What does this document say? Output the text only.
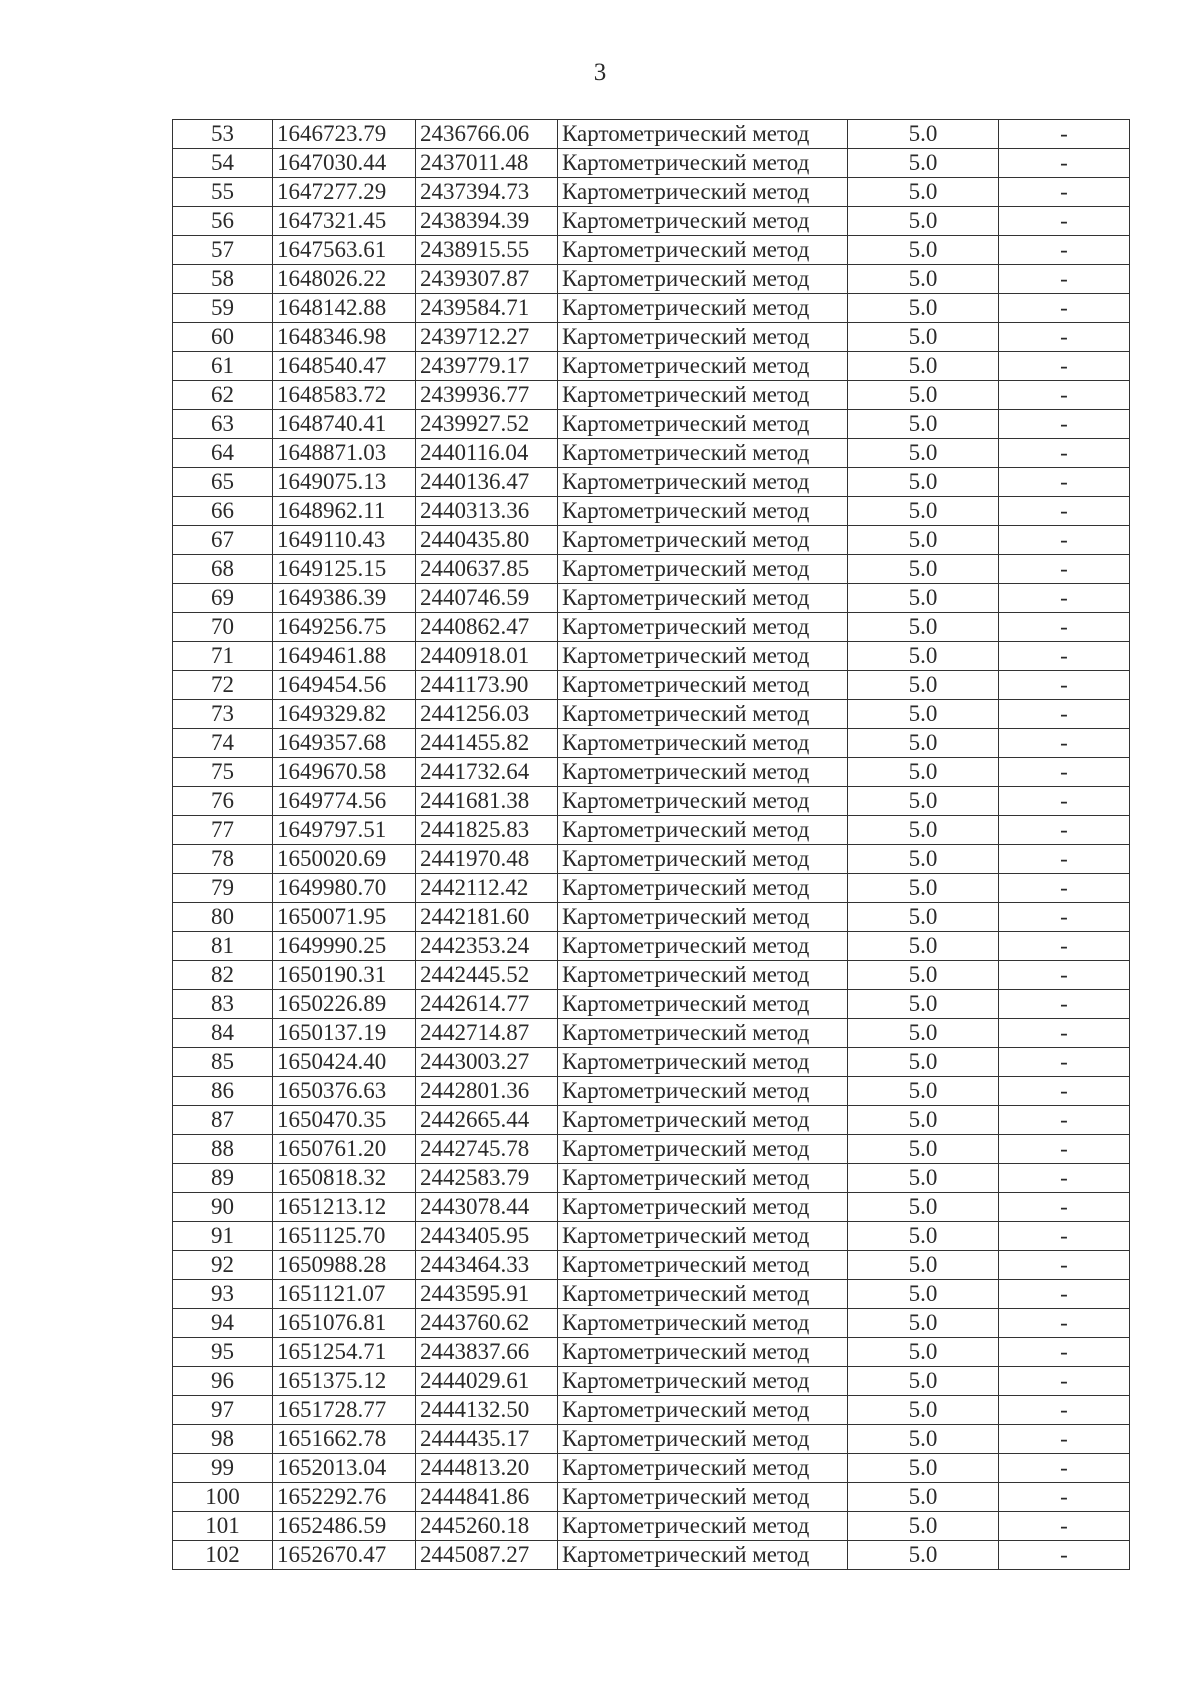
3
53	1646723.79	2436766.06	Картометрический метод	5.0	-
54	1647030.44	2437011.48	Картометрический метод	5.0	-
55	1647277.29	2437394.73	Картометрический метод	5.0	-
56	1647321.45	2438394.39	Картометрический метод	5.0	-
57	1647563.61	2438915.55	Картометрический метод	5.0	-
58	1648026.22	2439307.87	Картометрический метод	5.0	-
59	1648142.88	2439584.71	Картометрический метод	5.0	-
60	1648346.98	2439712.27	Картометрический метод	5.0	-
61	1648540.47	2439779.17	Картометрический метод	5.0	-
62	1648583.72	2439936.77	Картометрический метод	5.0	-
63	1648740.41	2439927.52	Картометрический метод	5.0	-
64	1648871.03	2440116.04	Картометрический метод	5.0	-
65	1649075.13	2440136.47	Картометрический метод	5.0	-
66	1648962.11	2440313.36	Картометрический метод	5.0	-
67	1649110.43	2440435.80	Картометрический метод	5.0	-
68	1649125.15	2440637.85	Картометрический метод	5.0	-
69	1649386.39	2440746.59	Картометрический метод	5.0	-
70	1649256.75	2440862.47	Картометрический метод	5.0	-
71	1649461.88	2440918.01	Картометрический метод	5.0	-
72	1649454.56	2441173.90	Картометрический метод	5.0	-
73	1649329.82	2441256.03	Картометрический метод	5.0	-
74	1649357.68	2441455.82	Картометрический метод	5.0	-
75	1649670.58	2441732.64	Картометрический метод	5.0	-
76	1649774.56	2441681.38	Картометрический метод	5.0	-
77	1649797.51	2441825.83	Картометрический метод	5.0	-
78	1650020.69	2441970.48	Картометрический метод	5.0	-
79	1649980.70	2442112.42	Картометрический метод	5.0	-
80	1650071.95	2442181.60	Картометрический метод	5.0	-
81	1649990.25	2442353.24	Картометрический метод	5.0	-
82	1650190.31	2442445.52	Картометрический метод	5.0	-
83	1650226.89	2442614.77	Картометрический метод	5.0	-
84	1650137.19	2442714.87	Картометрический метод	5.0	-
85	1650424.40	2443003.27	Картометрический метод	5.0	-
86	1650376.63	2442801.36	Картометрический метод	5.0	-
87	1650470.35	2442665.44	Картометрический метод	5.0	-
88	1650761.20	2442745.78	Картометрический метод	5.0	-
89	1650818.32	2442583.79	Картометрический метод	5.0	-
90	1651213.12	2443078.44	Картометрический метод	5.0	-
91	1651125.70	2443405.95	Картометрический метод	5.0	-
92	1650988.28	2443464.33	Картометрический метод	5.0	-
93	1651121.07	2443595.91	Картометрический метод	5.0	-
94	1651076.81	2443760.62	Картометрический метод	5.0	-
95	1651254.71	2443837.66	Картометрический метод	5.0	-
96	1651375.12	2444029.61	Картометрический метод	5.0	-
97	1651728.77	2444132.50	Картометрический метод	5.0	-
98	1651662.78	2444435.17	Картометрический метод	5.0	-
99	1652013.04	2444813.20	Картометрический метод	5.0	-
100	1652292.76	2444841.86	Картометрический метод	5.0	-
101	1652486.59	2445260.18	Картометрический метод	5.0	-
102	1652670.47	2445087.27	Картометрический метод	5.0	-
